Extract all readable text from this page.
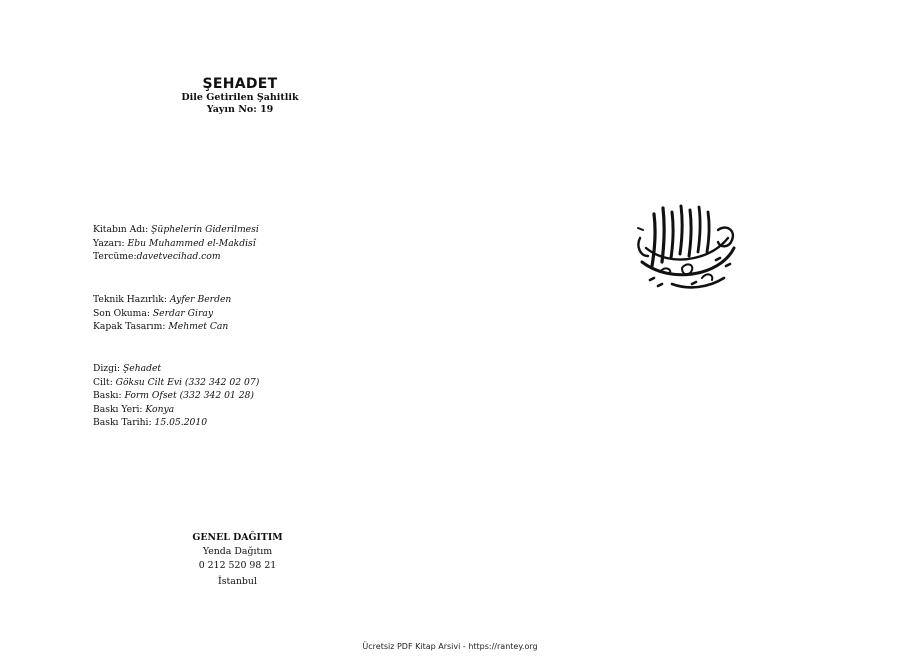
ŞEHADET
Dile Getirilen Şahitlik
Yayın No: 19
Kitabın Adı: Şüphelerin Giderilmesi
Yazarı: Ebu Muhammed el-Makdisî
Tercüme:davetvecihad.com
Teknik Hazırlık: Ayfer Berden
Son Okuma: Serdar Giray
Kapak Tasarım: Mehmet Can
Dizgi: Şehadet
Cilt: Göksu Cilt Evi (332 342 02 07)
Baskı: Form Ofset (332 342 01 28)
Baskı Yeri: Konya
Baskı Tarihi: 15.05.2010
GENEL DAĞITIM
Yenda Dağıtım
0 212 520 98 21
İstanbul
Ücretsiz PDF Kitap Arsivi - https://rantey.org
